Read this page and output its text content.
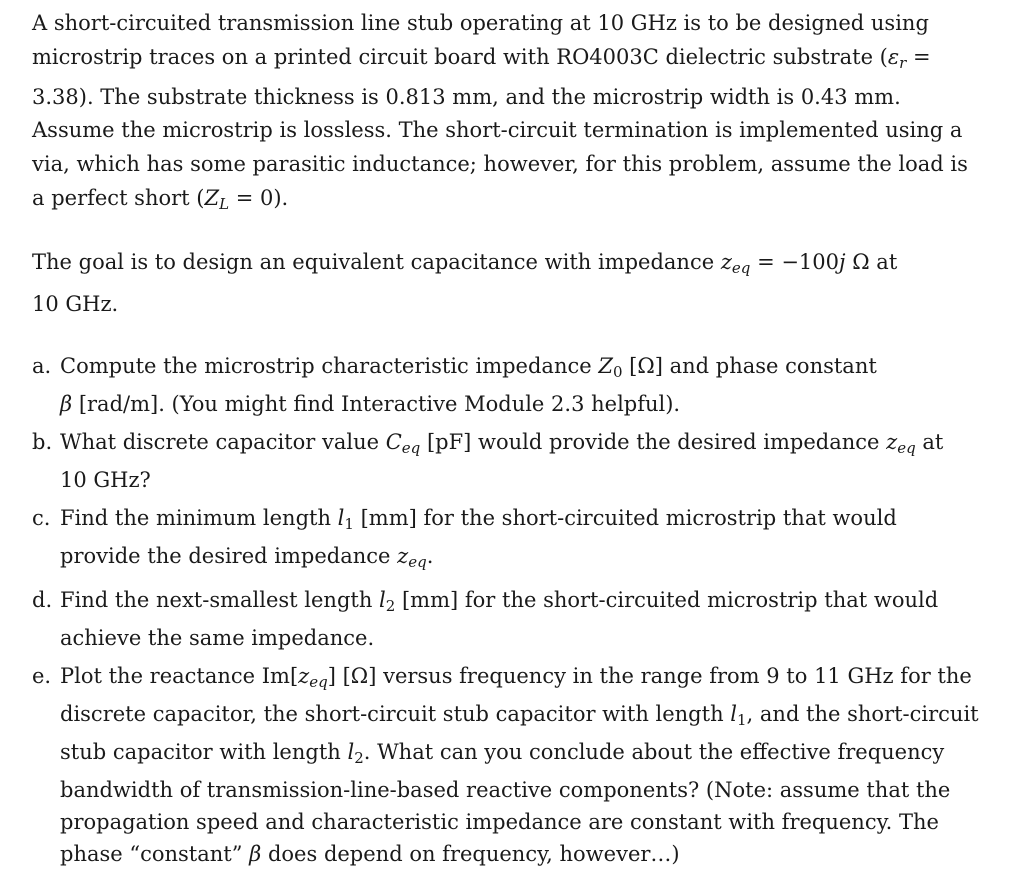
A short-circuited transmission line stub operating at 10 GHz is to be designed using
microstrip traces on a printed circuit board with RO4003C dielectric substrate ($\varepsilon_r$ =
3.38). The substrate thickness is 0.813 mm, and the microstrip width is 0.43 mm.
Assume the microstrip is lossless. The short-circuit termination is implemented using a
via, which has some parasitic inductance; however, for this problem, assume the load is
a perfect short $(Z_L = 0)$.

The goal is to design an equivalent capacitance with impedance $z_{eq} = -100j$ Ω at
10 GHz.

a. Compute the microstrip characteristic impedance Z0 [Ω] and phase constant
β [rad/m]. (You might find Interactive Module 2.3 helpful).
b. What discrete capacitor value $C_{eq}$ [pF] would provide the desired impedance $z_{eq}$ at
10 GHz?
c. Find the minimum length l1 [mm] for the short-circuited microstrip that would
provide the desired impedance $z_{eq}$.
d. Find the next-smallest length l2 [mm] for the short-circuited microstrip that would
achieve the same impedance.
e. Plot the reactance $Im[z_{eq}]$ [Ω] versus frequency in the range from 9 to 11 GHz for the
discrete capacitor, the short-circuit stub capacitor with length l1, and the short-circuit
stub capacitor with length l2. What can you conclude about the effective frequency
bandwidth of transmission-line-based reactive components? (Note: assume that the
propagation speed and characteristic impedance are constant with frequency. The
phase “constant” β does depend on frequency, however…)
